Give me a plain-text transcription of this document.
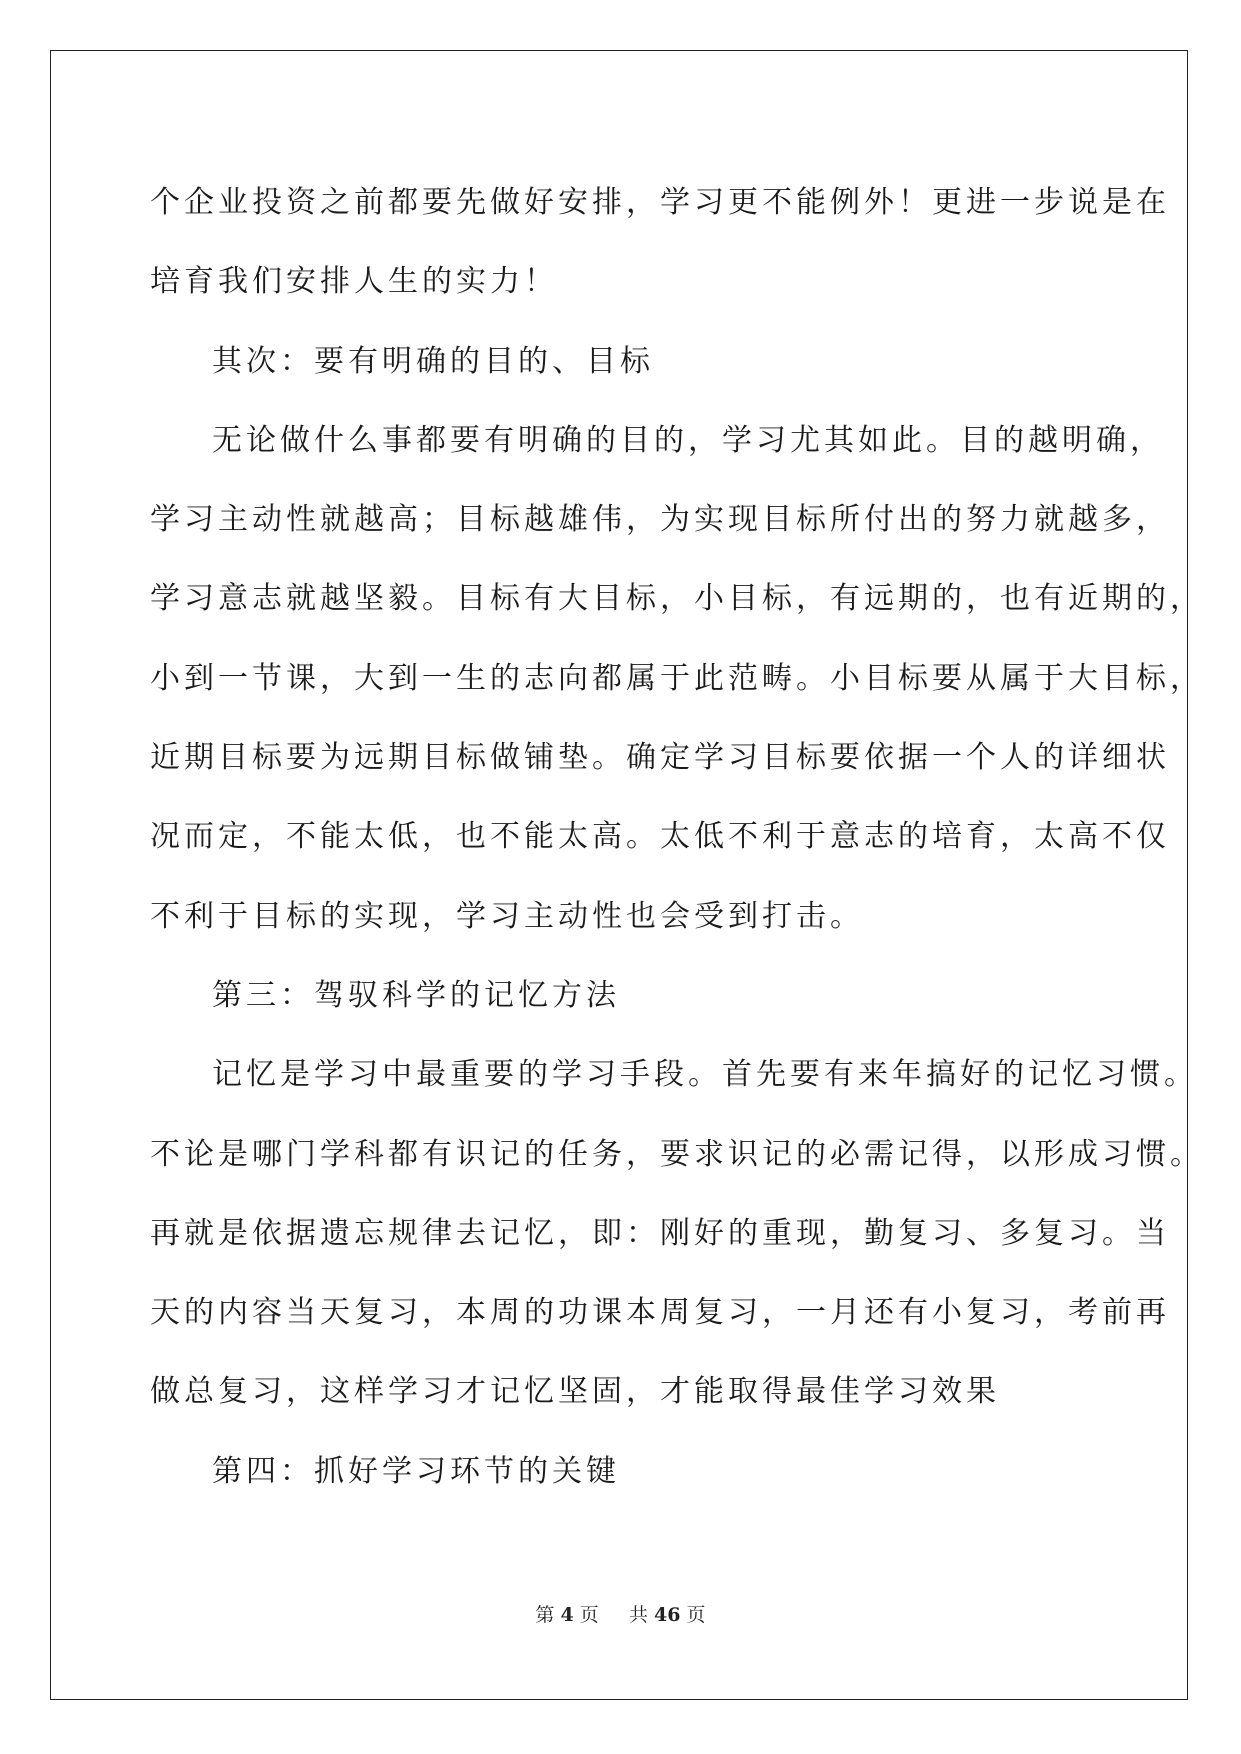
个企业投资之前都要先做好安排，学习更不能例外！更进一步说是在
培育我们安排人生的实力！
其次：要有明确的目的、目标
无论做什么事都要有明确的目的，学习尤其如此。目的越明确，
学习主动性就越高；目标越雄伟，为实现目标所付出的努力就越多，
学习意志就越坚毅。目标有大目标，小目标，有远期的，也有近期的，
小到一节课，大到一生的志向都属于此范畴。小目标要从属于大目标，
近期目标要为远期目标做铺垫。确定学习目标要依据一个人的详细状
况而定，不能太低，也不能太高。太低不利于意志的培育，太高不仅
不利于目标的实现，学习主动性也会受到打击。
第三：驾驭科学的记忆方法
记忆是学习中最重要的学习手段。首先要有来年搞好的记忆习惯。
不论是哪门学科都有识记的任务，要求识记的必需记得，以形成习惯。
再就是依据遗忘规律去记忆，即：刚好的重现，勤复习、多复习。当
天的内容当天复习，本周的功课本周复习，一月还有小复习，考前再
做总复习，这样学习才记忆坚固，才能取得最佳学习效果
第四：抓好学习环节的关键
第 4 页 共 46 页
